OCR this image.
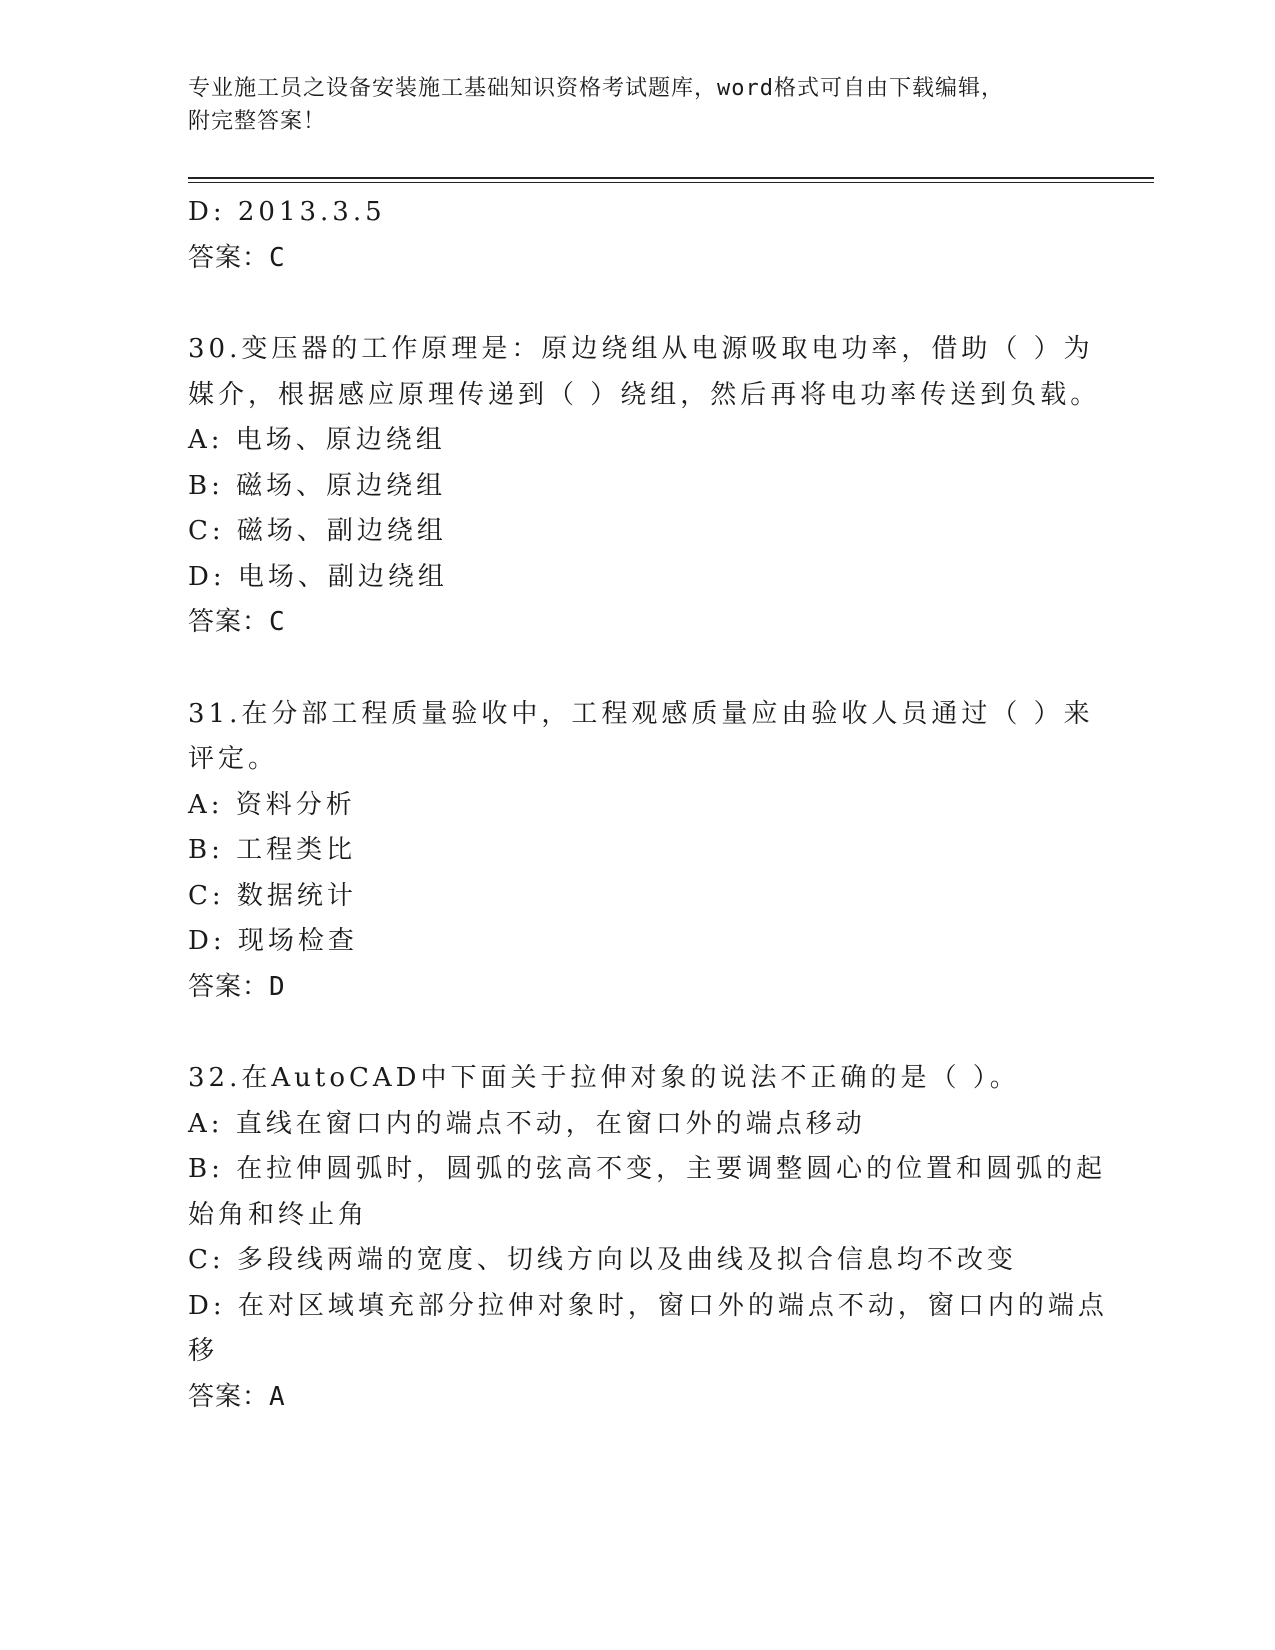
专业施工员之设备安装施工基础知识资格考试题库，word格式可自由下载编辑，
附完整答案！
D: 2013.3.5
答案：C
30.变压器的工作原理是：原边绕组从电源吸取电功率，借助（ ）为
媒介，根据感应原理传递到（ ）绕组，然后再将电功率传送到负载。
A: 电场、原边绕组
B: 磁场、原边绕组
C: 磁场、副边绕组
D: 电场、副边绕组
答案：C
31.在分部工程质量验收中，工程观感质量应由验收人员通过（ ）来
评定。
A: 资料分析
B: 工程类比
C: 数据统计
D: 现场检查
答案：D
32.在AutoCAD中下面关于拉伸对象的说法不正确的是（ ）。
A: 直线在窗口内的端点不动，在窗口外的端点移动
B: 在拉伸圆弧时，圆弧的弦高不变，主要调整圆心的位置和圆弧的起
始角和终止角
C: 多段线两端的宽度、切线方向以及曲线及拟合信息均不改变
D: 在对区域填充部分拉伸对象时，窗口外的端点不动，窗口内的端点
移
答案：A
